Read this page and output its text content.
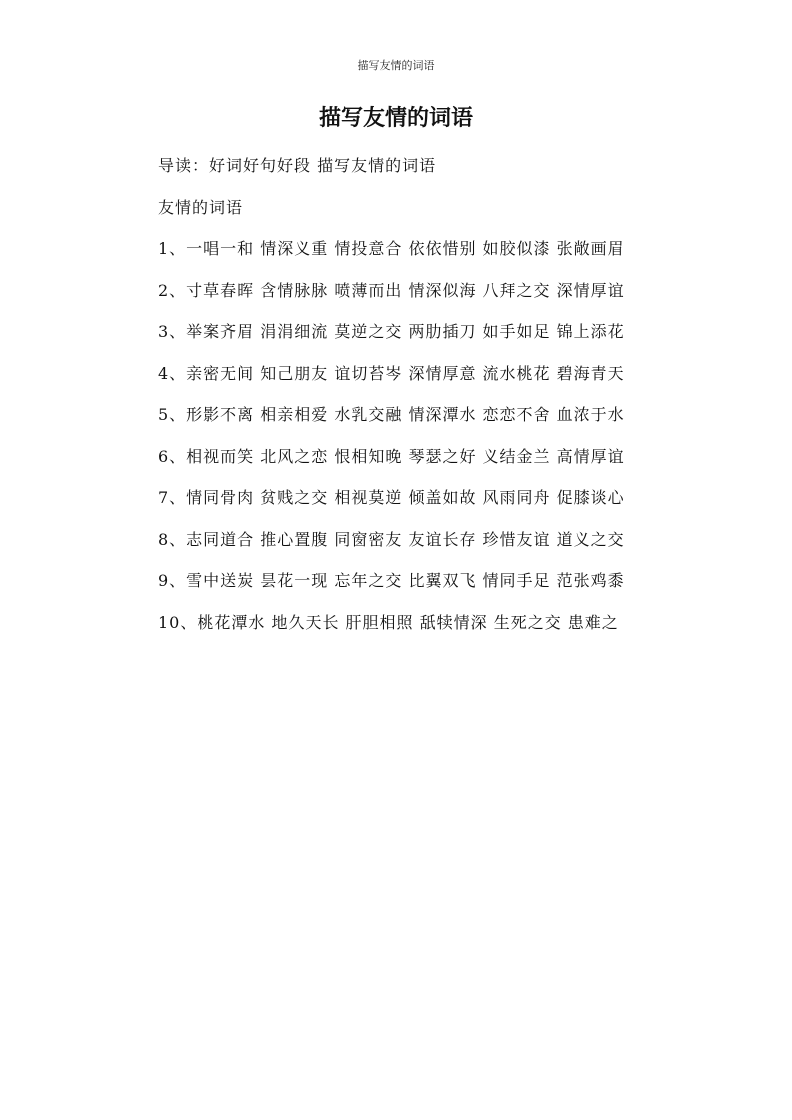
描写友情的词语
描写友情的词语

导读：好词好句好段 描写友情的词语

友情的词语

1、一唱一和 情深义重 情投意合 依依惜别 如胶似漆 张敞画眉

2、寸草春晖 含情脉脉 喷薄而出 情深似海 八拜之交 深情厚谊

3、举案齐眉 涓涓细流 莫逆之交 两肋插刀 如手如足 锦上添花

4、亲密无间 知己朋友 谊切苔岑 深情厚意 流水桃花 碧海青天

5、形影不离 相亲相爱 水乳交融 情深潭水 恋恋不舍 血浓于水

6、相视而笑 北风之恋 恨相知晚 琴瑟之好 义结金兰 高情厚谊

7、情同骨肉 贫贱之交 相视莫逆 倾盖如故 风雨同舟 促膝谈心

8、志同道合 推心置腹 同窗密友 友谊长存 珍惜友谊 道义之交

9、雪中送炭 昙花一现 忘年之交 比翼双飞 情同手足 范张鸡黍

10、桃花潭水 地久天长 肝胆相照 舐犊情深 生死之交 患难之
